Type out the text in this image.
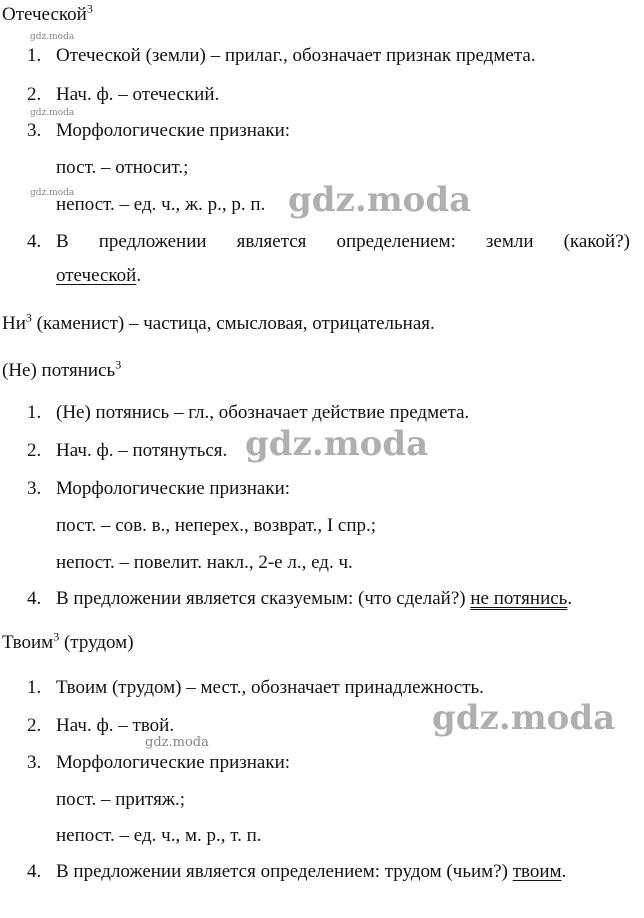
Отеческой$^3$
1. Отеческой (земли) – прилаг., обозначает признак предмета.
2. Нач. ф. – отеческий.
3. Морфологические признаки:
пост. – относит.;
непост. – ед. ч., ж. р., р. п.
4. В предложении является определением: земли (какой?)
отеческой.
$Ни^3$ (каменист) – частица, смысловая, отрицательная.
(Не) потянись$^3$
1. (Не) потянись – гл., обозначает действие предмета.
2. Нач. ф. – потянуться.
3. Морфологические признаки:
пост. – сов. в., неперех., возврат., I спр.;
непост. – повелит. накл., 2-е л., ед. ч.
4. В предложении является сказуемым: (что сделай?) не потянись.
Твоим$^3$ (трудом)
1. Твоим (трудом) – мест., обозначает принадлежность.
2. Нач. ф. – твой.
3. Морфологические признаки:
пост. – притяж.;
непост. – ед. ч., м. р., т. п.
4. В предложении является определением: трудом (чьим?) твоим.
gdz.moda
gdz.moda
gdz.moda	gdz.moda
gdz.moda
gdz.moda
gdz.moda
